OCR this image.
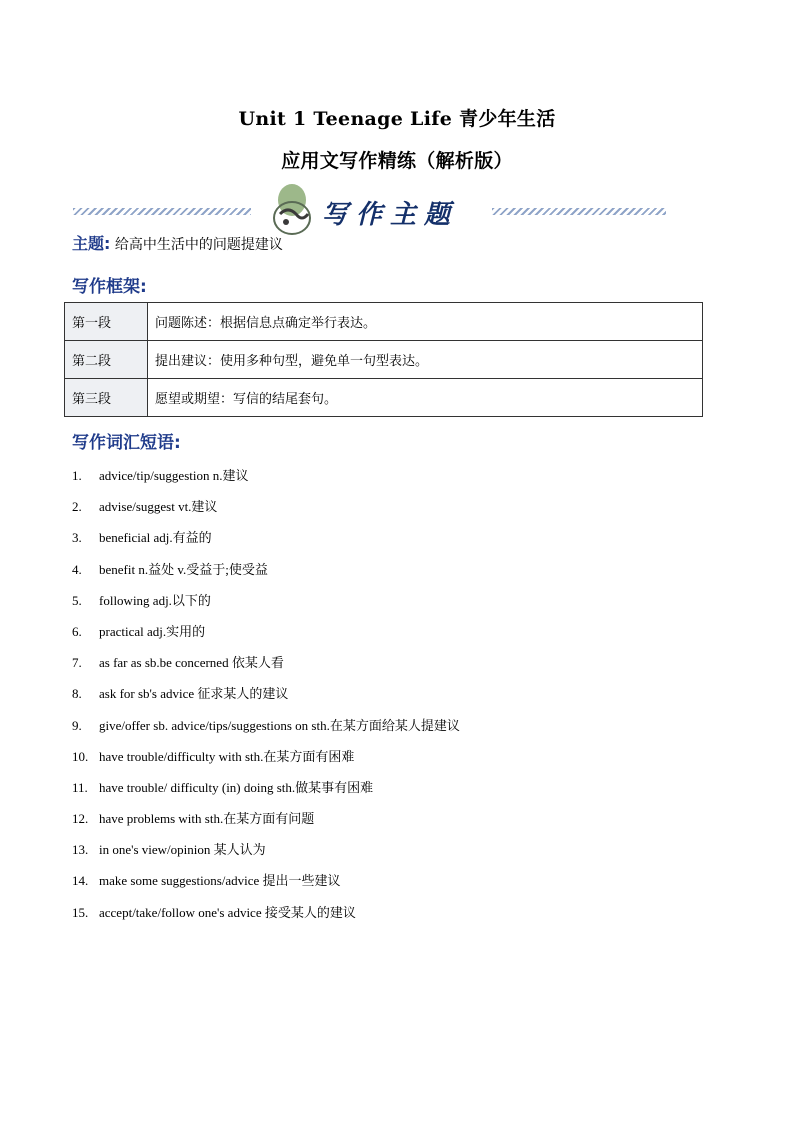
Unit 1 Teenage Life 青少年生活
应用文写作精练（解析版）
写作主题
主题: 给高中生活中的问题提建议
写作框架:
第一段	问题陈述：根据信息点确定举行表达。
第二段	提出建议：使用多种句型，避免单一句型表达。
第三段	愿望或期望：写信的结尾套句。
写作词汇短语:
1. advice/tip/suggestion n.建议
2. advise/suggest vt.建议
3. beneficial adj.有益的
4. benefit n.益处 v.受益于;使受益
5. following adj.以下的
6. practical adj.实用的
7. as far as sb.be concerned 依某人看
8. ask for sb's advice 征求某人的建议
9. give/offer sb. advice/tips/suggestions on sth.在某方面给某人提建议
10. have trouble/difficulty with sth.在某方面有困难
11. have trouble/ difficulty (in) doing sth.做某事有困难
12. have problems with sth.在某方面有问题
13. in one's view/opinion 某人认为
14. make some suggestions/advice 提出一些建议
15. accept/take/follow one's advice 接受某人的建议
